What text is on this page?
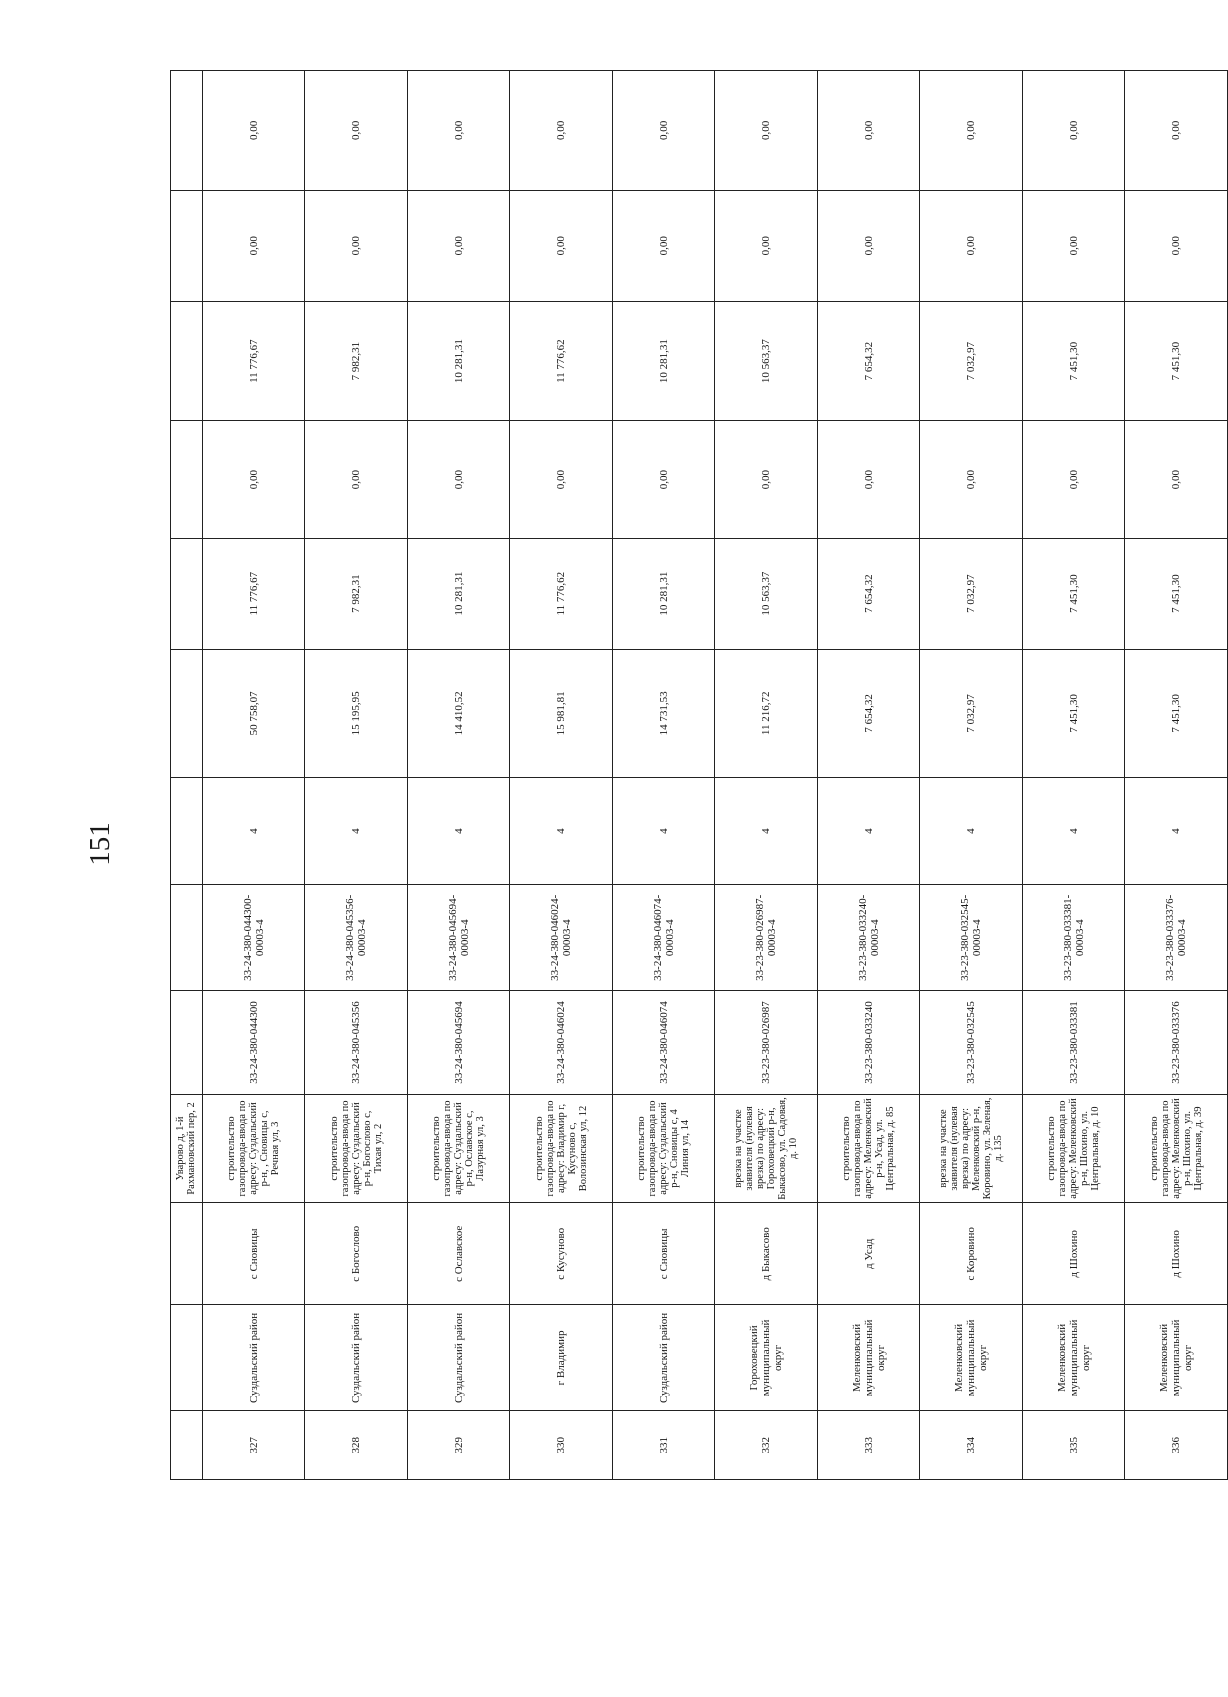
151
			Уварово д, 1-й Рахмановский пер, 2									
327	Суздальский район	с Сновицы	строительство газопровода-ввода по адресу: Суздальский р-н, , Сновицы с, Речная ул, 3	33-24-380-044300	33-24-380-044300-00003-4	4	50 758,07	11 776,67	0,00	11 776,67	0,00	0,00
328	Суздальский район	с Богослово	строительство газопровода-ввода по адресу: Суздальский р-н, Богослово с, Тихая ул, 2	33-24-380-045356	33-24-380-045356-00003-4	4	15 195,95	7 982,31	0,00	7 982,31	0,00	0,00
329	Суздальский район	с Ославское	строительство газопровода-ввода по адресу: Суздальский р-н, Ославское с, Лазурная ул, 3	33-24-380-045694	33-24-380-045694-00003-4	4	14 410,52	10 281,31	0,00	10 281,31	0,00	0,00
330	г Владимир	с Кусуново	строительство газопровода-ввода по адресу: Владимир г, Кусуново с, Волозинская ул, 12	33-24-380-046024	33-24-380-046024-00003-4	4	15 981,81	11 776,62	0,00	11 776,62	0,00	0,00
331	Суздальский район	с Сновицы	строительство газопровода-ввода по адресу: Суздальский р-н, Сновицы с, 4 Линия ул, 14	33-24-380-046074	33-24-380-046074-00003-4	4	14 731,53	10 281,31	0,00	10 281,31	0,00	0,00
332	Гороховецкий муниципальный округ	д Быкасово	врезка на участке заявителя (нулевая врезка) по адресу: Гороховецкий р-н, Быкасово, ул. Садовая, д. 10	33-23-380-026987	33-23-380-026987-00003-4	4	11 216,72	10 563,37	0,00	10 563,37	0,00	0,00
333	Меленковский муниципальный округ	д Усад	строительство газопровода-ввода по адресу: Меленковский р-н, Усад, ул. Центральная, д. 85	33-23-380-033240	33-23-380-033240-00003-4	4	7 654,32	7 654,32	0,00	7 654,32	0,00	0,00
334	Меленковский муниципальный округ	с Коровино	врезка на участке заявителя (нулевая врезка) по адресу: Меленковский р-н, Коровино, ул. Зеленая, д. 135	33-23-380-032545	33-23-380-032545-00003-4	4	7 032,97	7 032,97	0,00	7 032,97	0,00	0,00
335	Меленковский муниципальный округ	д Шохино	строительство газопровода-ввода по адресу: Меленковский р-н, Шохино, ул. Центральная, д. 10	33-23-380-033381	33-23-380-033381-00003-4	4	7 451,30	7 451,30	0,00	7 451,30	0,00	0,00
336	Меленковский муниципальный округ	д Шохино	строительство газопровода-ввода по адресу: Меленковский р-н, Шохино, ул. Центральная, д. 39	33-23-380-033376	33-23-380-033376-00003-4	4	7 451,30	7 451,30	0,00	7 451,30	0,00	0,00
